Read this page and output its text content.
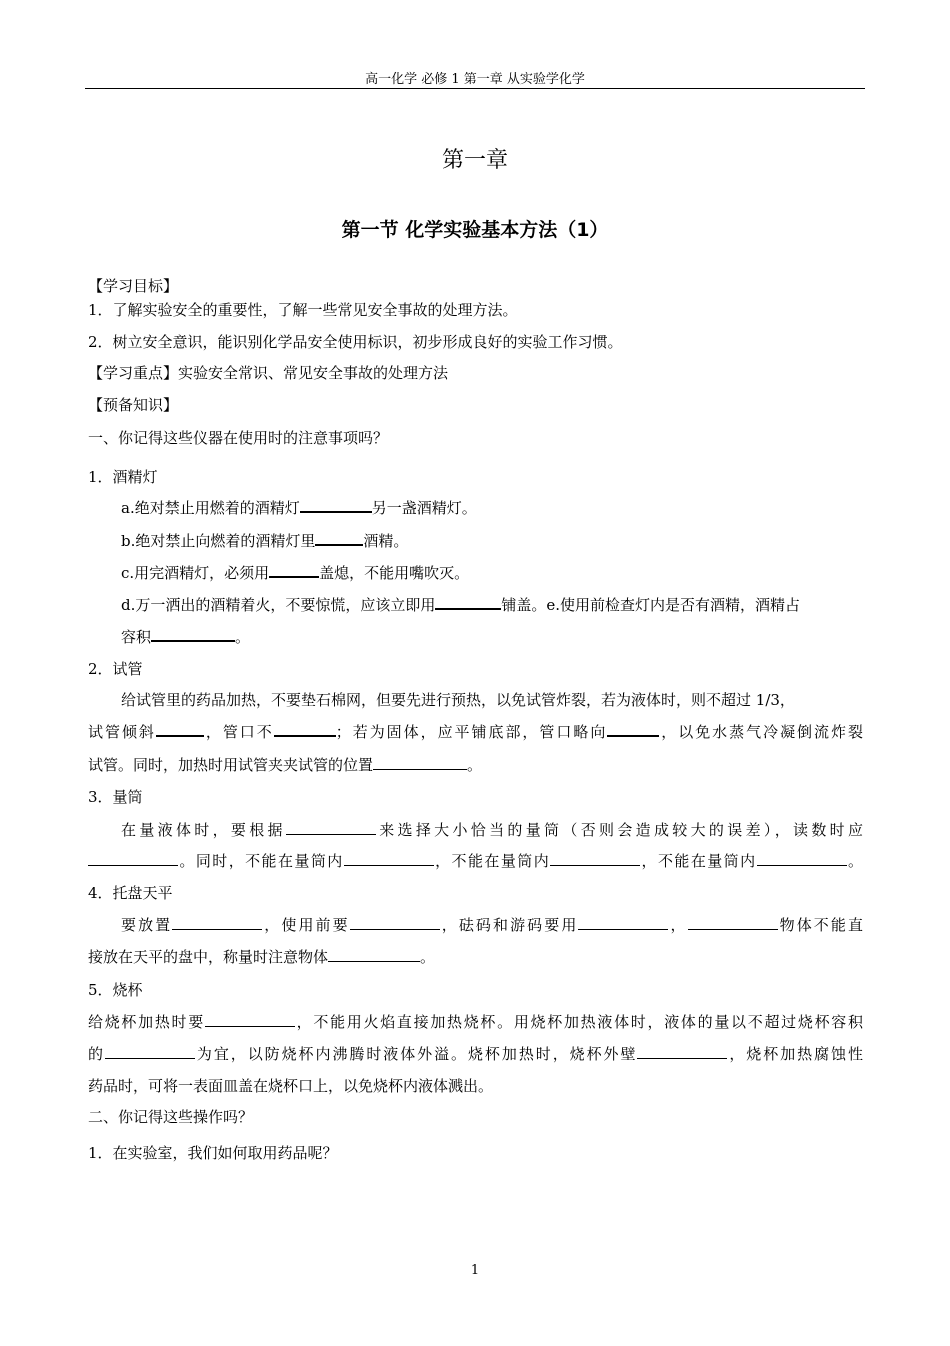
高一化学 必修 1 第一章 从实验学化学
第一章
第一节 化学实验基本方法（1）
【学习目标】
1．了解实验安全的重要性，了解一些常见安全事故的处理方法。
2．树立安全意识，能识别化学品安全使用标识，初步形成良好的实验工作习惯。
【学习重点】实验安全常识、常见安全事故的处理方法
【预备知识】
一、你记得这些仪器在使用时的注意事项吗？
1．酒精灯
a.绝对禁止用燃着的酒精灯	另一盏酒精灯。
b.绝对禁止向燃着的酒精灯里	酒精。
c.用完酒精灯，必须用	盖熄，不能用嘴吹灭。
d.万一洒出的酒精着火，不要惊慌，应该立即用	铺盖。e.使用前检查灯内是否有酒精，酒精占
容积	。
2．试管
给试管里的药品加热，不要垫石棉网，但要先进行预热，以免试管炸裂，若为液体时，则不超过 1/3，
试管倾斜	，管口不	；若为固体，应平铺底部，管口略向	，以免水蒸气冷凝倒流炸裂
试管。同时，加热时用试管夹夹试管的位置	。
3．量筒
在量液体时，要根据	来选择大小恰当的量筒（否则会造成较大的误差），读数时应
。同时，不能在量筒内	，不能在量筒内	，不能在量筒内	。
4．托盘天平
要放置	，使用前要	，砝码和游码要用	，	物体不能直
接放在天平的盘中，称量时注意物体	。
5．烧杯
给烧杯加热时要	，不能用火焰直接加热烧杯。用烧杯加热液体时，液体的量以不超过烧杯容积
的	为宜，以防烧杯内沸腾时液体外溢。烧杯加热时，烧杯外壁	，烧杯加热腐蚀性
药品时，可将一表面皿盖在烧杯口上，以免烧杯内液体溅出。
二、你记得这些操作吗？
1．在实验室，我们如何取用药品呢？
1
